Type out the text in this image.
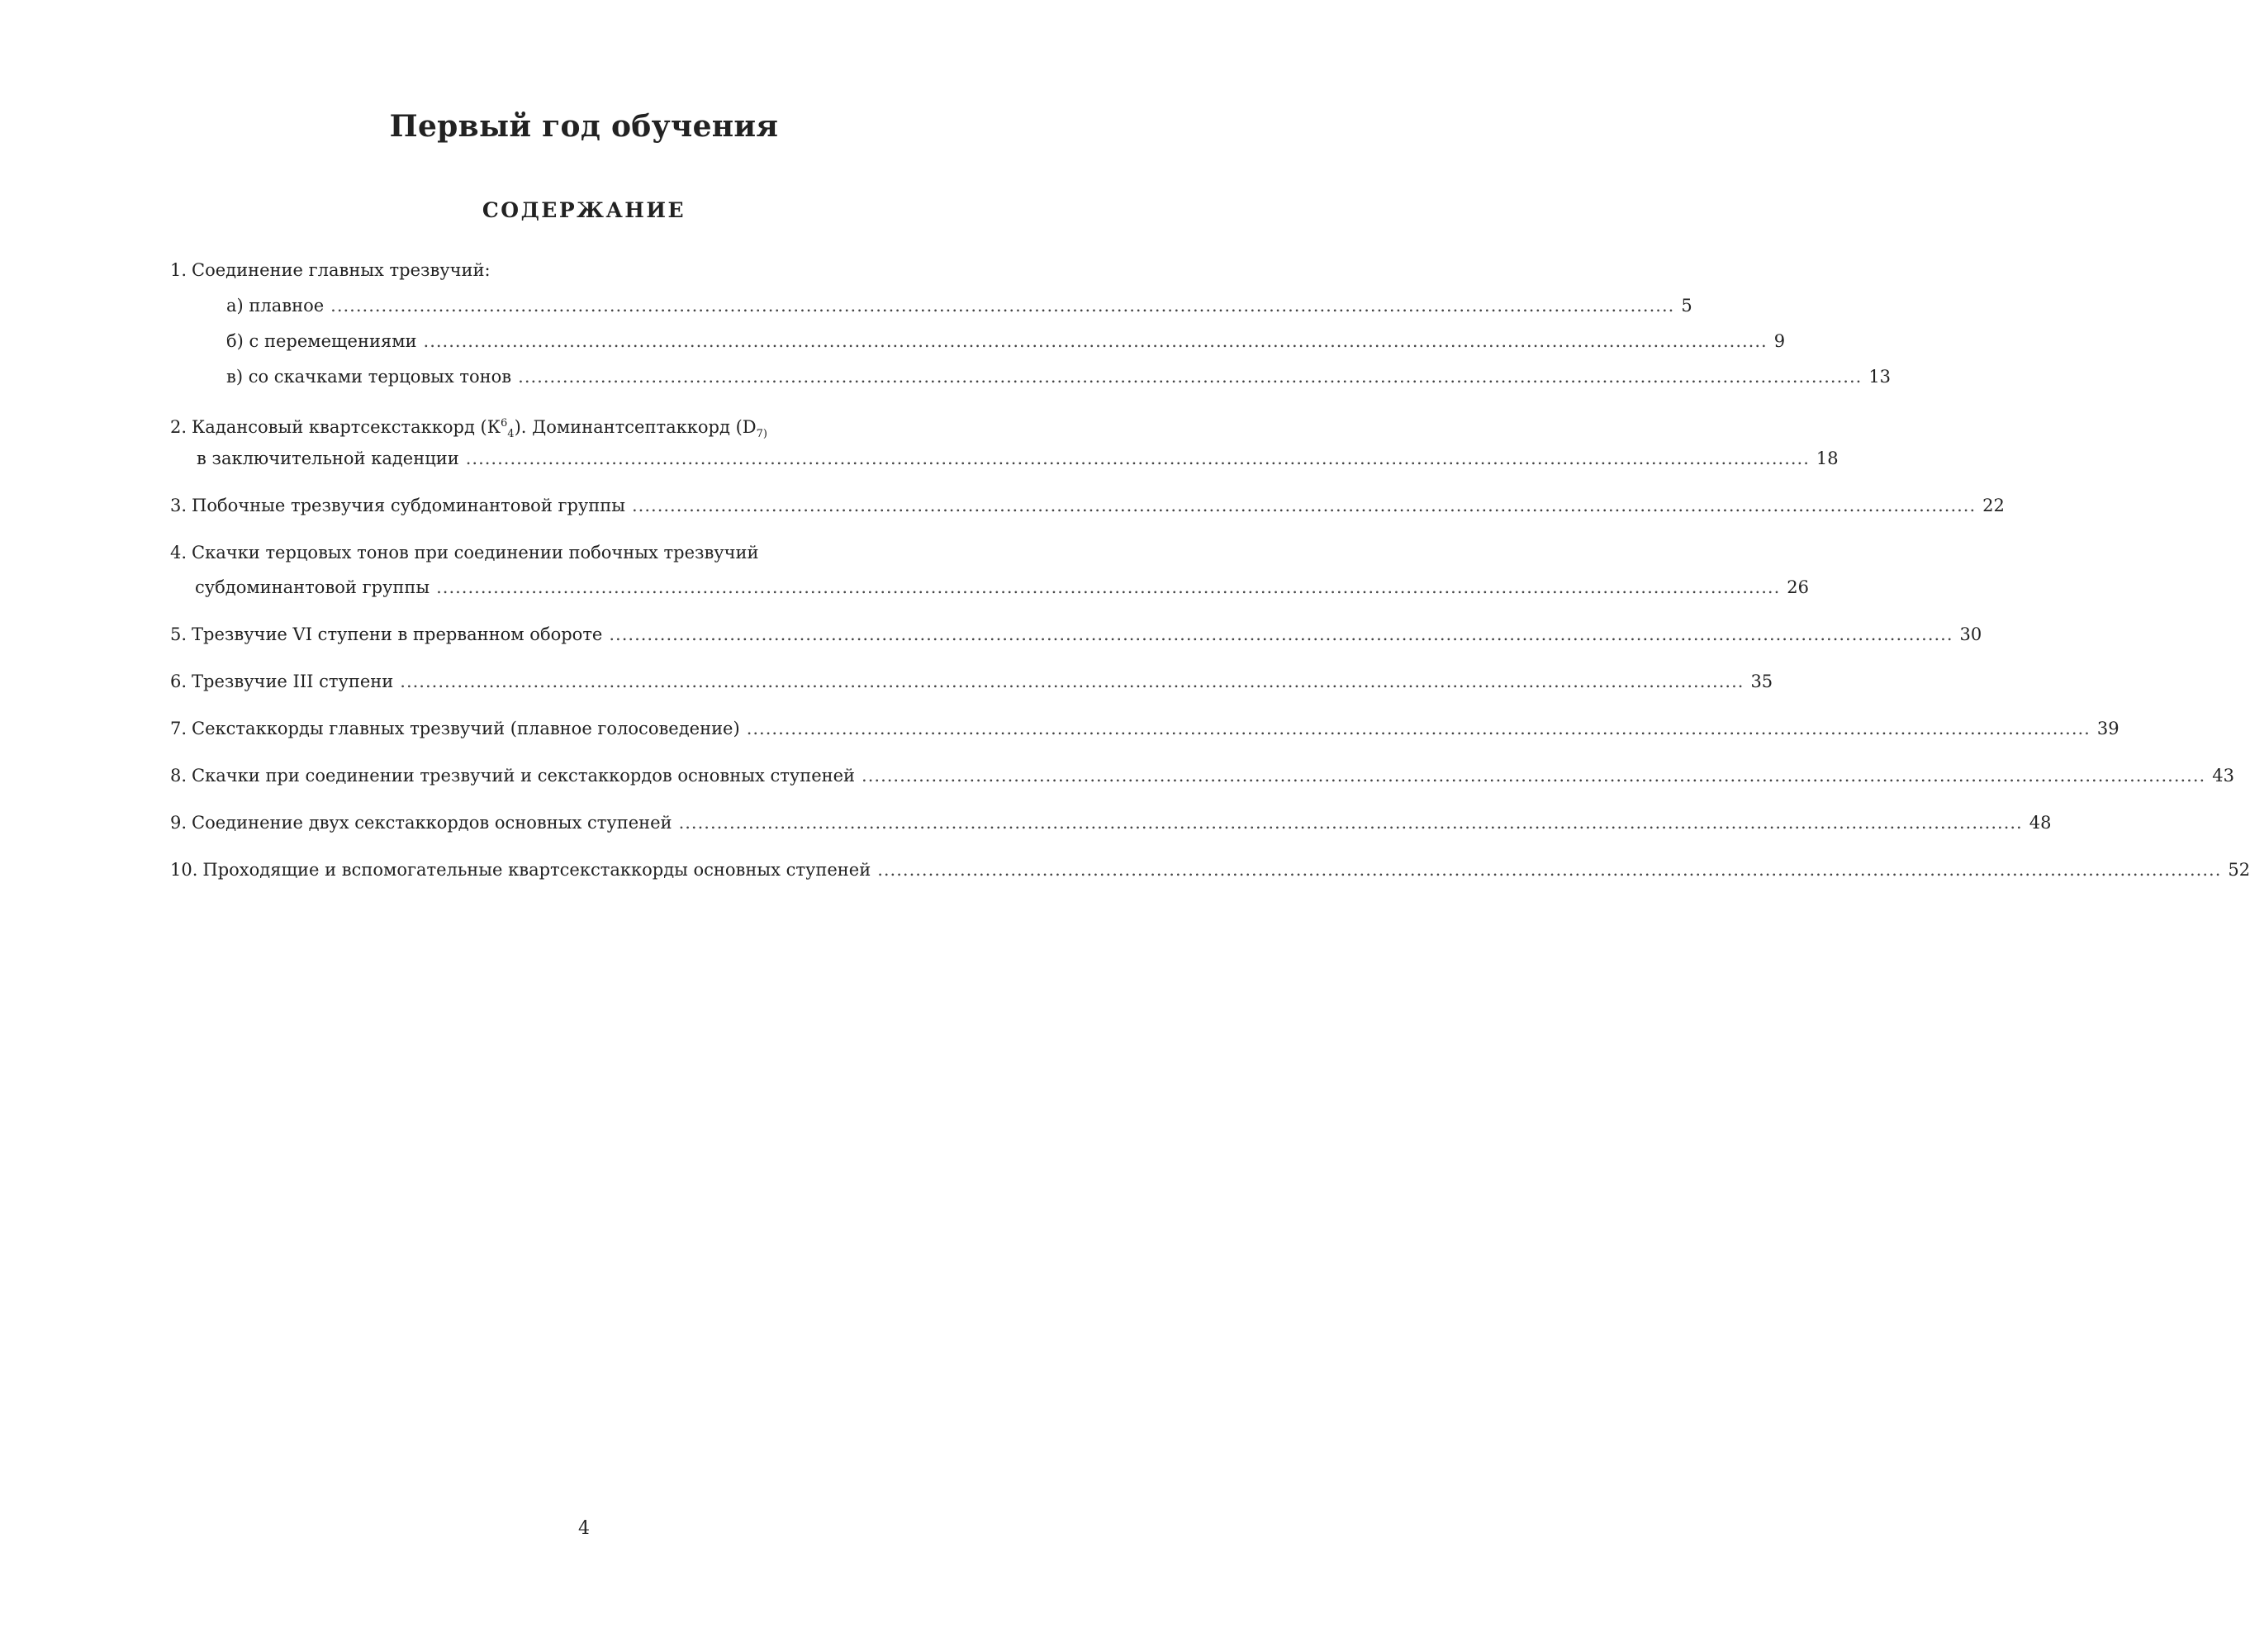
Первый год обучения
СОДЕРЖАНИЕ
1. Соединение главных трезвучий:
а) плавное .................................................................................................................................................................................................................... 5
б) с перемещениями .................................................................................................................................................................................................................... 9
в) со скачками терцовых тонов .................................................................................................................................................................................................................... 13
2. Кадансовый квартсекстаккорд (К 6
4 ). Доминантсептаккорд (D 7)
в заключительной каденции .................................................................................................................................................................................................................... 18
3. Побочные трезвучия субдоминантовой группы .................................................................................................................................................................................................................... 22
4. Скачки терцовых тонов при соединении побочных трезвучий
субдоминантовой группы .................................................................................................................................................................................................................... 26
5. Трезвучие VI ступени в прерванном обороте .................................................................................................................................................................................................................... 30
6. Трезвучие III ступени .................................................................................................................................................................................................................... 35
7. Секстаккорды главных трезвучий (плавное голосоведение) .................................................................................................................................................................................................................... 39
8. Скачки при соединении трезвучий и секстаккордов основных ступеней .................................................................................................................................................................................................................... 43
9. Соединение двух секстаккордов основных ступеней .................................................................................................................................................................................................................... 48
10. Проходящие и вспомогательные квартсекстаккорды основных ступеней .................................................................................................................................................................................................................... 52
4
